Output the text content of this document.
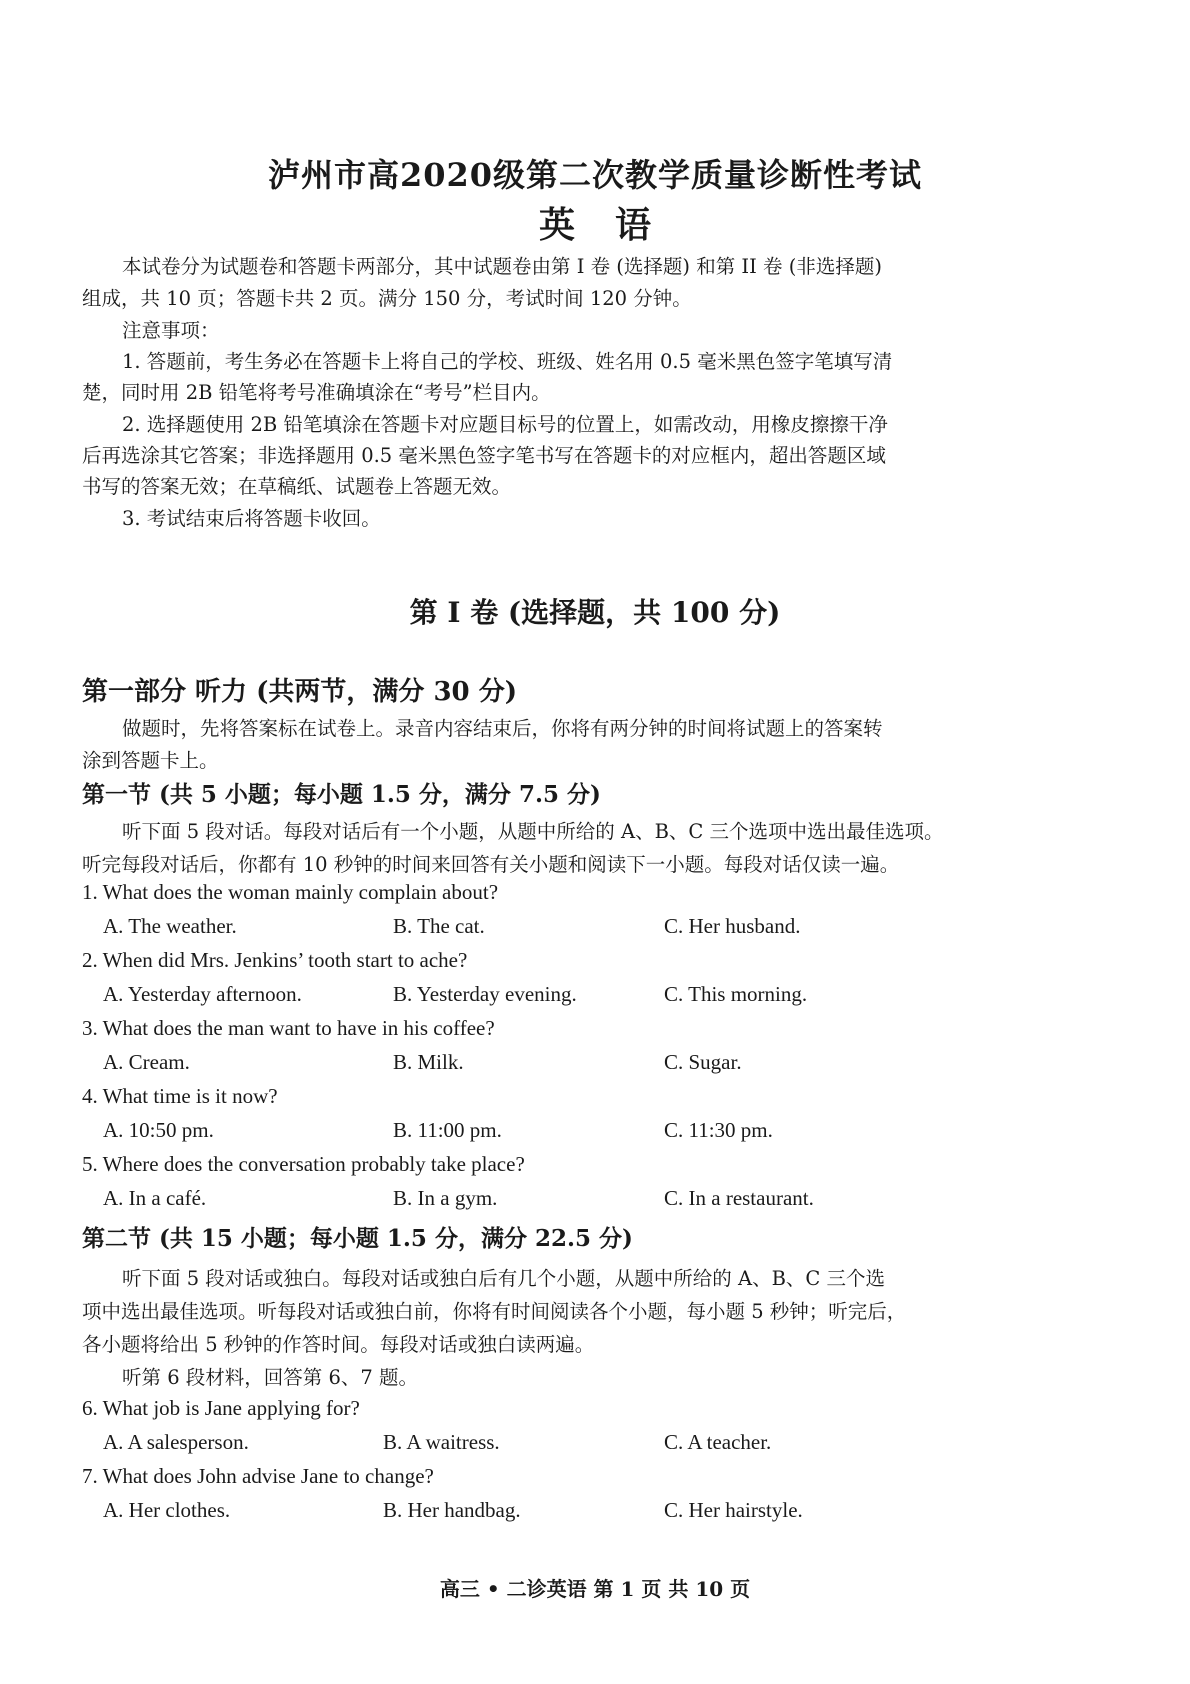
泸州市高2020级第二次教学质量诊断性考试
英语
本试卷分为试题卷和答题卡两部分，其中试题卷由第 I 卷 (选择题) 和第 II 卷 (非选择题)
组成，共 10 页；答题卡共 2 页。满分 150 分，考试时间 120 分钟。
注意事项：
1. 答题前，考生务必在答题卡上将自己的学校、班级、姓名用 0.5 毫米黑色签字笔填写清
楚，同时用 2B 铅笔将考号准确填涂在“考号”栏目内。
2. 选择题使用 2B 铅笔填涂在答题卡对应题目标号的位置上，如需改动，用橡皮擦擦干净
后再选涂其它答案；非选择题用 0.5 毫米黑色签字笔书写在答题卡的对应框内，超出答题区域
书写的答案无效；在草稿纸、试题卷上答题无效。
3. 考试结束后将答题卡收回。
第 I 卷 (选择题，共 100 分)
第一部分 听力 (共两节，满分 30 分)
做题时，先将答案标在试卷上。录音内容结束后，你将有两分钟的时间将试题上的答案转
涂到答题卡上。
第一节 (共 5 小题；每小题 1.5 分，满分 7.5 分)
听下面 5 段对话。每段对话后有一个小题，从题中所给的 A、B、C 三个选项中选出最佳选项。
听完每段对话后，你都有 10 秒钟的时间来回答有关小题和阅读下一小题。每段对话仅读一遍。
1. What does the woman mainly complain about?
A. The weather.	B. The cat.	C. Her husband.
2. When did Mrs. Jenkins’ tooth start to ache?
A. Yesterday afternoon.	B. Yesterday evening.	C. This morning.
3. What does the man want to have in his coffee?
A. Cream.	B. Milk.	C. Sugar.
4. What time is it now?
A. 10:50 pm.	B. 11:00 pm.	C. 11:30 pm.
5. Where does the conversation probably take place?
A. In a café.	B. In a gym.	C. In a restaurant.
第二节 (共 15 小题；每小题 1.5 分，满分 22.5 分)
听下面 5 段对话或独白。每段对话或独白后有几个小题，从题中所给的 A、B、C 三个选
项中选出最佳选项。听每段对话或独白前，你将有时间阅读各个小题，每小题 5 秒钟；听完后，
各小题将给出 5 秒钟的作答时间。每段对话或独白读两遍。
听第 6 段材料，回答第 6、7 题。
6. What job is Jane applying for?
A. A salesperson.	B. A waitress.	C. A teacher.
7. What does John advise Jane to change?
A. Her clothes.	B. Her handbag.	C. Her hairstyle.
高三 • 二诊英语 第 1 页 共 10 页
